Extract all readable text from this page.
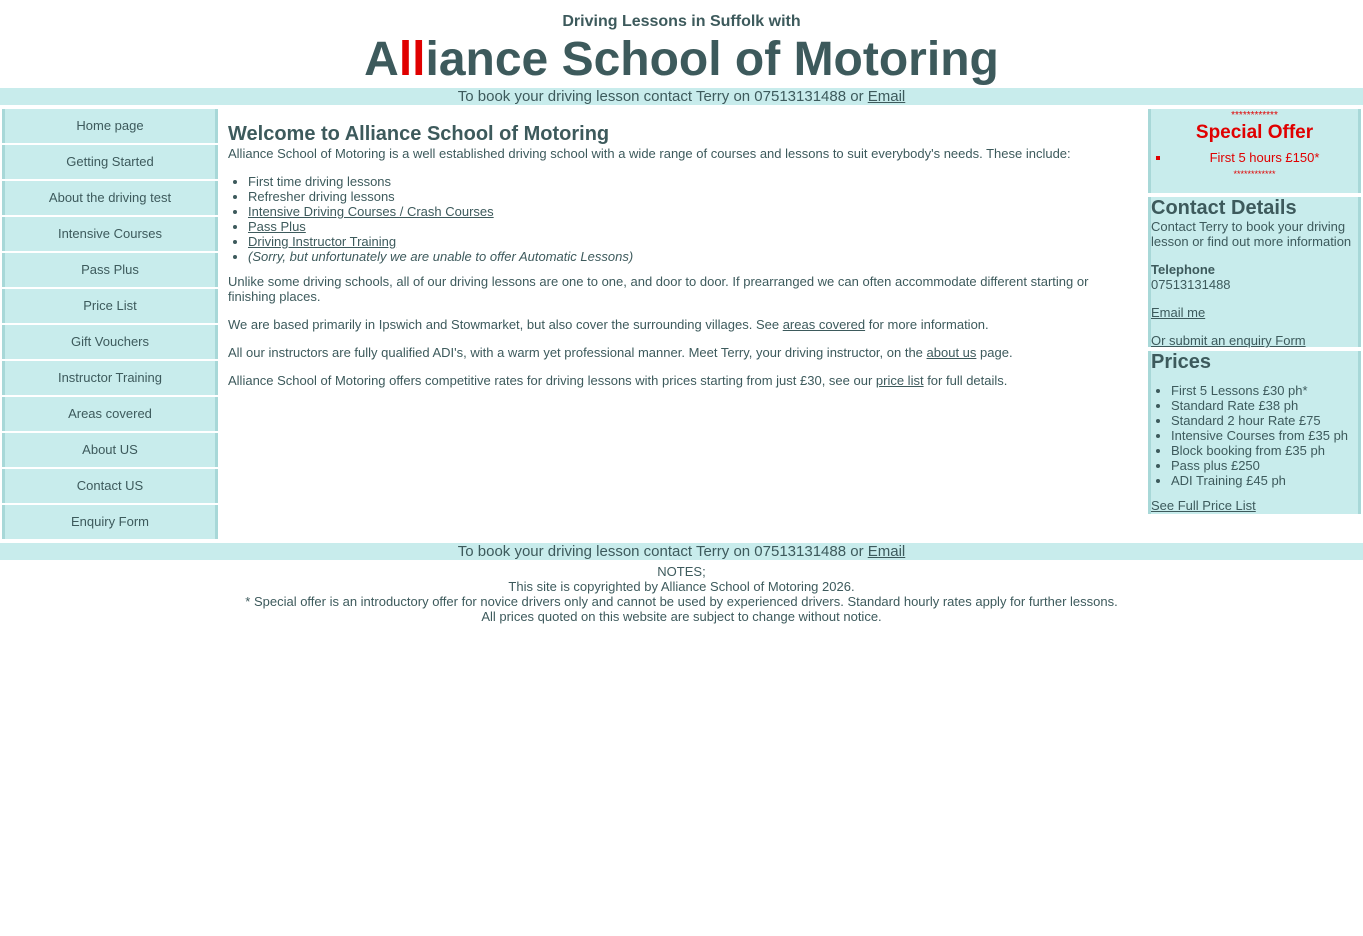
Driving Lessons in Suffolk with
Alliance School of Motoring
To book your driving lesson contact Terry on 07513131488 or Email
Home page
Getting Started
About the driving test
Intensive Courses
Pass Plus
Price List
Gift Vouchers
Instructor Training
Areas covered
About US
Contact US
Enquiry Form
Welcome to Alliance School of Motoring

Alliance School of Motoring is a well established driving school with a wide range of courses and lessons to suit everybody's needs. These include:

• First time driving lessons
• Refresher driving lessons
• Intensive Driving Courses / Crash Courses
• Pass Plus
• Driving Instructor Training
• (Sorry, but unfortunately we are unable to offer Automatic Lessons)

Unlike some driving schools, all of our driving lessons are one to one, and door to door. If prearranged we can often accommodate different starting or finishing places.

We are based primarily in Ipswich and Stowmarket, but also cover the surrounding villages. See areas covered for more information.

All our instructors are fully qualified ADI's, with a warm yet professional manner. Meet Terry, your driving instructor, on the about us page.

Alliance School of Motoring offers competitive rates for driving lessons with prices starting from just £30, see our price list for full details.

************
Special Offer
▪ First 5 hours £150*
************
Contact Details

Contact Terry to book your driving lesson or find out more information

Telephone

07513131488

Email me

Or submit an enquiry Form

Prices
• First 5 Lessons £30 ph*
• Standard Rate £38 ph
• Standard 2 hour Rate £75
• Intensive Courses from £35 ph
• Block booking from £35 ph
• Pass plus £250
• ADI Training £45 ph
See Full Price List
To book your driving lesson contact Terry on 07513131488 or Email
NOTES;
This site is copyrighted by Alliance School of Motoring 2026.
* Special offer is an introductory offer for novice drivers only and cannot be used by experienced drivers. Standard hourly rates apply for further lessons.
All prices quoted on this website are subject to change without notice.
